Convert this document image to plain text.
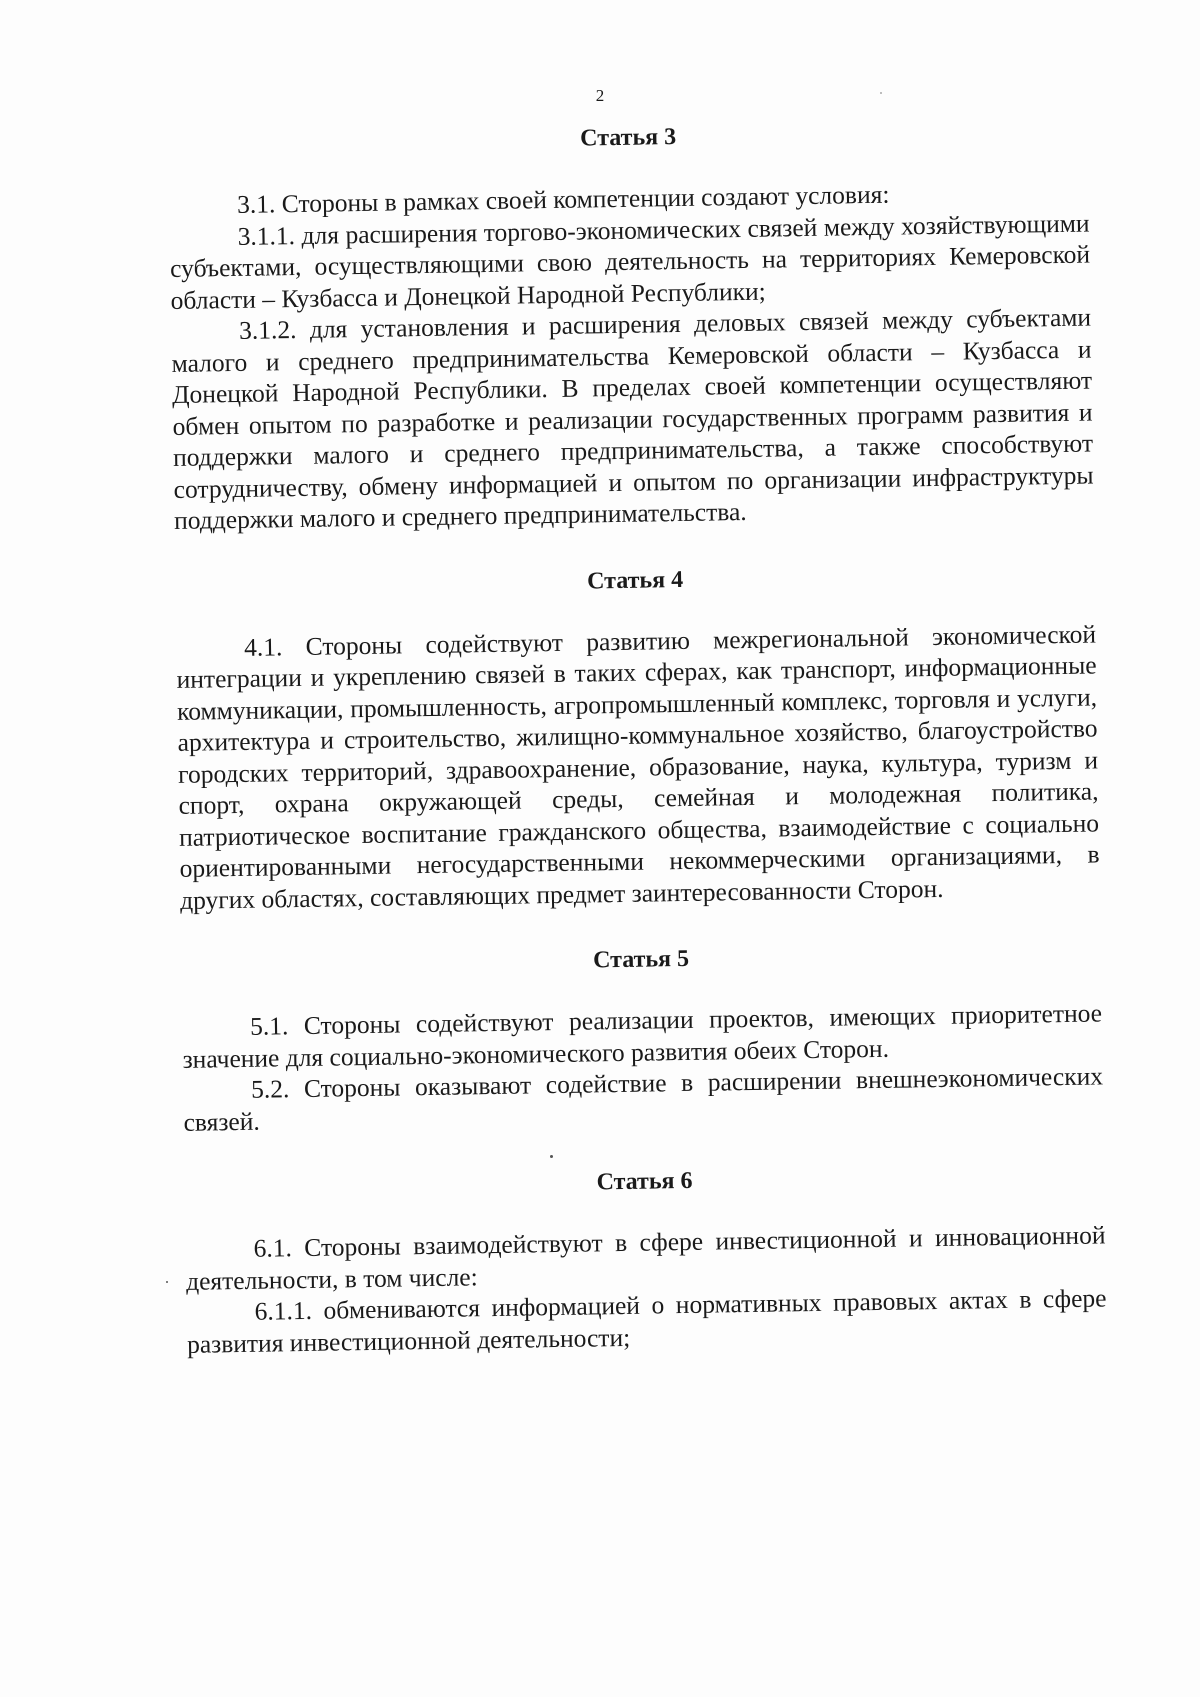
2
Статья 3

3.1. Стороны в рамках своей компетенции создают условия:

3.1.1. для расширения торгово-экономических связей между хозяйствующими субъектами, осуществляющими свою деятельность на территориях Кемеровской области – Кузбасса и Донецкой Народной Республики;

3.1.2. для установления и расширения деловых связей между субъектами малого и среднего предпринимательства Кемеровской области – Кузбасса и Донецкой Народной Республики. В пределах своей компетенции осуществляют обмен опытом по разработке и реализации государственных программ развития и поддержки малого и среднего предпринимательства, а также способствуют сотрудничеству, обмену информацией и опытом по организации инфраструктуры поддержки малого и среднего предпринимательства.

Статья 4

4.1. Стороны содействуют развитию межрегиональной экономической интеграции и укреплению связей в таких сферах, как транспорт, информационные коммуникации, промышленность, агропромышленный комплекс, торговля и услуги, архитектура и строительство, жилищно-коммунальное хозяйство, благоустройство городских территорий, здравоохранение, образование, наука, культура, туризм и спорт, охрана окружающей среды, семейная и молодежная политика, патриотическое воспитание гражданского общества, взаимодействие с социально ориентированными негосударственными некоммерческими организациями, в других областях, составляющих предмет заинтересованности Сторон.

Статья 5

5.1. Стороны содействуют реализации проектов, имеющих приоритетное значение для социально-экономического развития обеих Сторон.

5.2. Стороны оказывают содействие в расширении внешнеэкономических связей.

Статья 6

6.1. Стороны взаимодействуют в сфере инвестиционной и инновационной деятельности, в том числе:

6.1.1. обмениваются информацией о нормативных правовых актах в сфере развития инвестиционной деятельности;
